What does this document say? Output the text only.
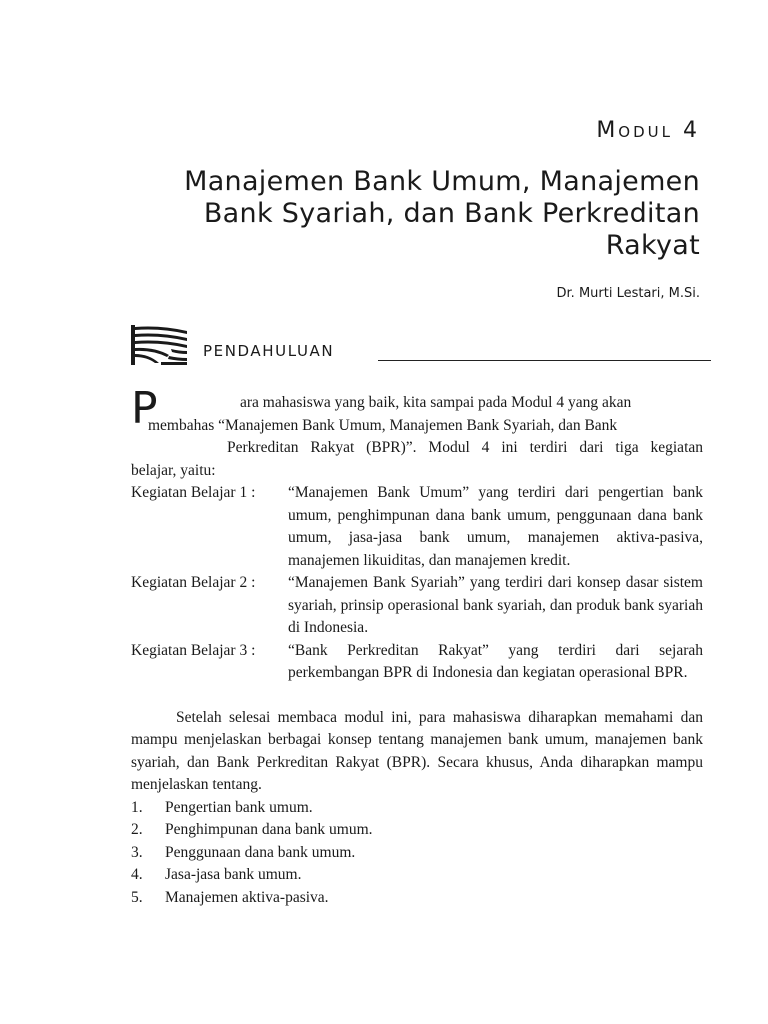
Modul 4
Manajemen Bank Umum, Manajemen
Bank Syariah, dan Bank Perkreditan
Rakyat
Dr. Murti Lestari, M.Si.
PENDAHULUAN
P	ara mahasiswa yang baik, kita sampai pada Modul 4 yang akan
membahas “Manajemen Bank Umum, Manajemen Bank Syariah, dan Bank
Perkreditan Rakyat (BPR)”. Modul 4 ini terdiri dari tiga kegiatan
belajar, yaitu:
Kegiatan Belajar 1 :	“Manajemen Bank Umum” yang terdiri dari pengertian bank umum, penghimpunan dana bank umum, penggunaan dana bank umum, jasa-jasa bank umum, manajemen aktiva-pasiva, manajemen likuiditas, dan manajemen kredit.
Kegiatan Belajar 2 :	“Manajemen Bank Syariah” yang terdiri dari konsep dasar sistem syariah, prinsip operasional bank syariah, dan produk bank syariah di Indonesia.
Kegiatan Belajar 3 :	“Bank Perkreditan Rakyat” yang terdiri dari sejarah perkembangan BPR di Indonesia dan kegiatan operasional BPR.
Setelah selesai membaca modul ini, para mahasiswa diharapkan memahami dan mampu menjelaskan berbagai konsep tentang manajemen bank umum, manajemen bank syariah, dan Bank Perkreditan Rakyat (BPR). Secara khusus, Anda diharapkan mampu menjelaskan tentang.
1.	Pengertian bank umum.
2.	Penghimpunan dana bank umum.
3.	Penggunaan dana bank umum.
4.	Jasa-jasa bank umum.
5.	Manajemen aktiva-pasiva.
